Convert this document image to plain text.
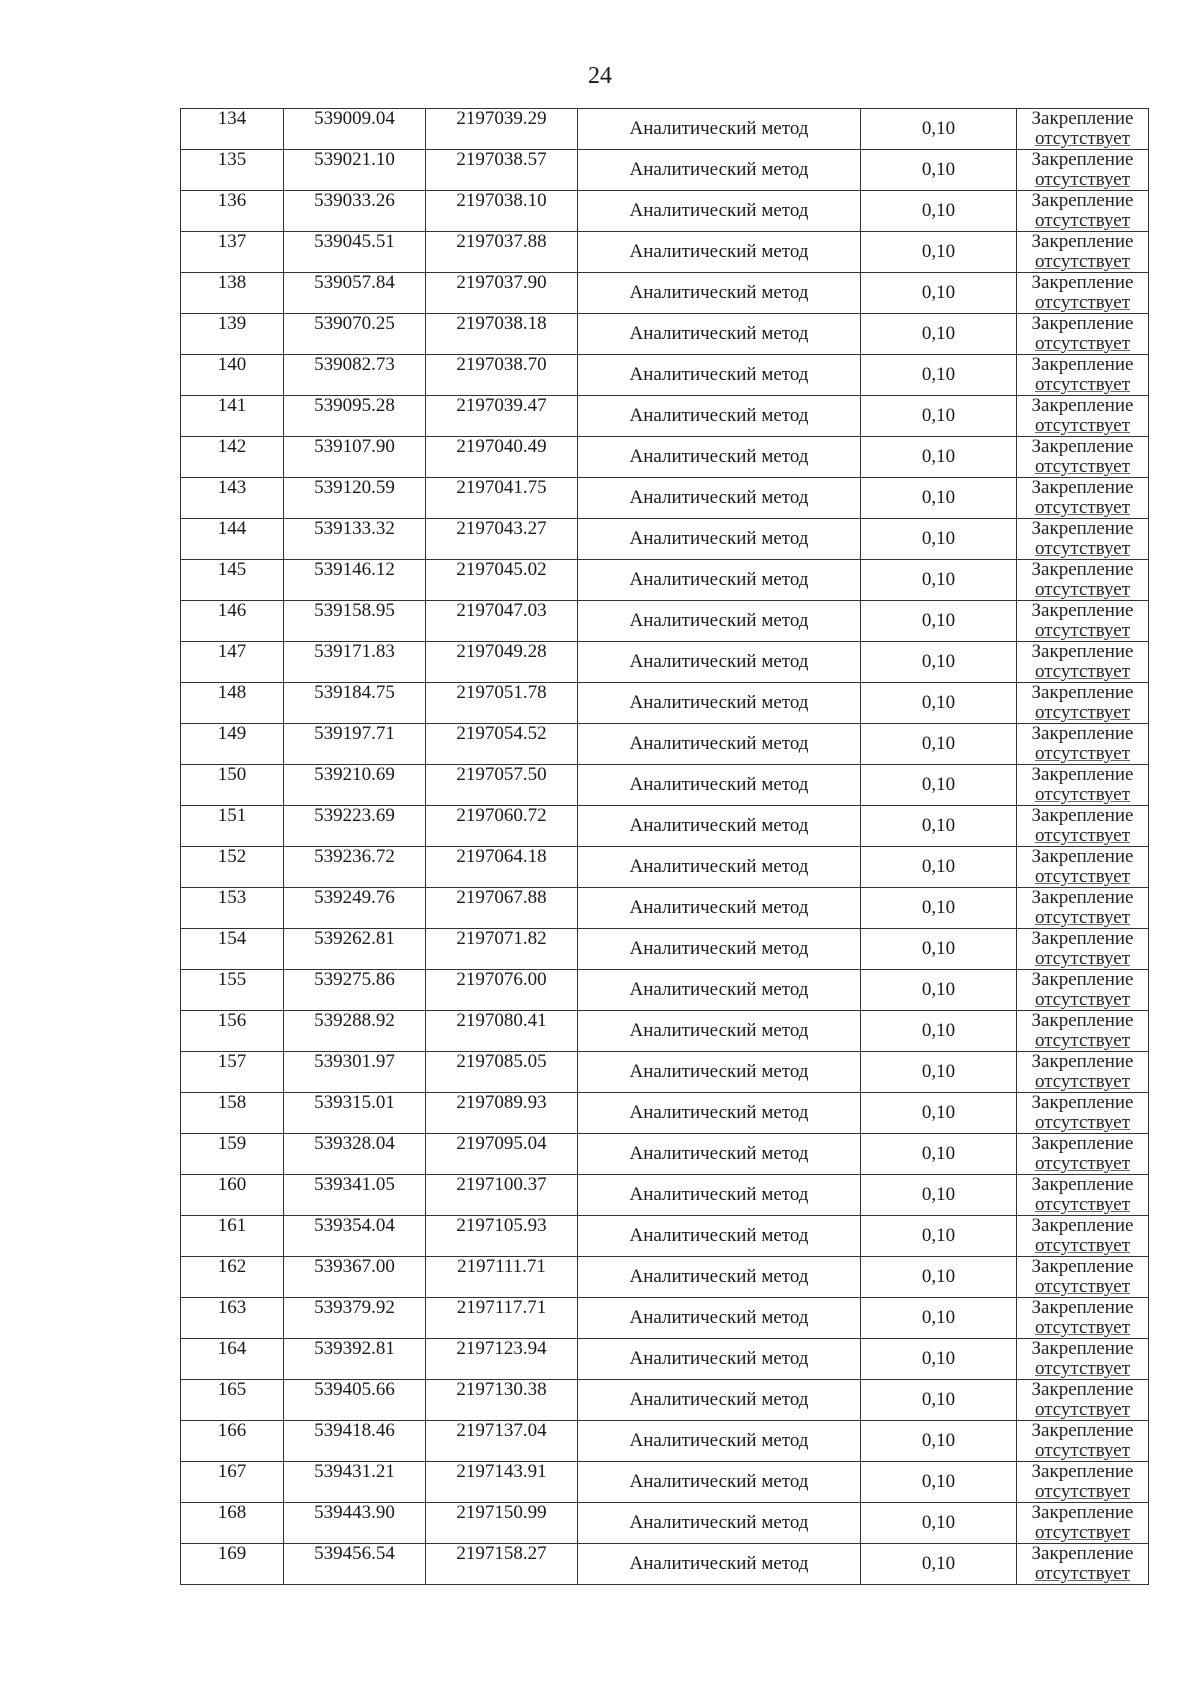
24
134	539009.04	2197039.29	Аналитический метод	0,10	Закрепление
отсутствует

135	539021.10	2197038.57	Аналитический метод	0,10	Закрепление
отсутствует

136	539033.26	2197038.10	Аналитический метод	0,10	Закрепление
отсутствует

137	539045.51	2197037.88	Аналитический метод	0,10	Закрепление
отсутствует

138	539057.84	2197037.90	Аналитический метод	0,10	Закрепление
отсутствует

139	539070.25	2197038.18	Аналитический метод	0,10	Закрепление
отсутствует

140	539082.73	2197038.70	Аналитический метод	0,10	Закрепление
отсутствует

141	539095.28	2197039.47	Аналитический метод	0,10	Закрепление
отсутствует

142	539107.90	2197040.49	Аналитический метод	0,10	Закрепление
отсутствует

143	539120.59	2197041.75	Аналитический метод	0,10	Закрепление
отсутствует

144	539133.32	2197043.27	Аналитический метод	0,10	Закрепление
отсутствует

145	539146.12	2197045.02	Аналитический метод	0,10	Закрепление
отсутствует

146	539158.95	2197047.03	Аналитический метод	0,10	Закрепление
отсутствует

147	539171.83	2197049.28	Аналитический метод	0,10	Закрепление
отсутствует

148	539184.75	2197051.78	Аналитический метод	0,10	Закрепление
отсутствует

149	539197.71	2197054.52	Аналитический метод	0,10	Закрепление
отсутствует

150	539210.69	2197057.50	Аналитический метод	0,10	Закрепление
отсутствует

151	539223.69	2197060.72	Аналитический метод	0,10	Закрепление
отсутствует

152	539236.72	2197064.18	Аналитический метод	0,10	Закрепление
отсутствует

153	539249.76	2197067.88	Аналитический метод	0,10	Закрепление
отсутствует

154	539262.81	2197071.82	Аналитический метод	0,10	Закрепление
отсутствует

155	539275.86	2197076.00	Аналитический метод	0,10	Закрепление
отсутствует

156	539288.92	2197080.41	Аналитический метод	0,10	Закрепление
отсутствует

157	539301.97	2197085.05	Аналитический метод	0,10	Закрепление
отсутствует

158	539315.01	2197089.93	Аналитический метод	0,10	Закрепление
отсутствует

159	539328.04	2197095.04	Аналитический метод	0,10	Закрепление
отсутствует

160	539341.05	2197100.37	Аналитический метод	0,10	Закрепление
отсутствует

161	539354.04	2197105.93	Аналитический метод	0,10	Закрепление
отсутствует

162	539367.00	2197111.71	Аналитический метод	0,10	Закрепление
отсутствует

163	539379.92	2197117.71	Аналитический метод	0,10	Закрепление
отсутствует

164	539392.81	2197123.94	Аналитический метод	0,10	Закрепление
отсутствует

165	539405.66	2197130.38	Аналитический метод	0,10	Закрепление
отсутствует

166	539418.46	2197137.04	Аналитический метод	0,10	Закрепление
отсутствует

167	539431.21	2197143.91	Аналитический метод	0,10	Закрепление
отсутствует

168	539443.90	2197150.99	Аналитический метод	0,10	Закрепление
отсутствует

169	539456.54	2197158.27	Аналитический метод	0,10	Закрепление
отсутствует
